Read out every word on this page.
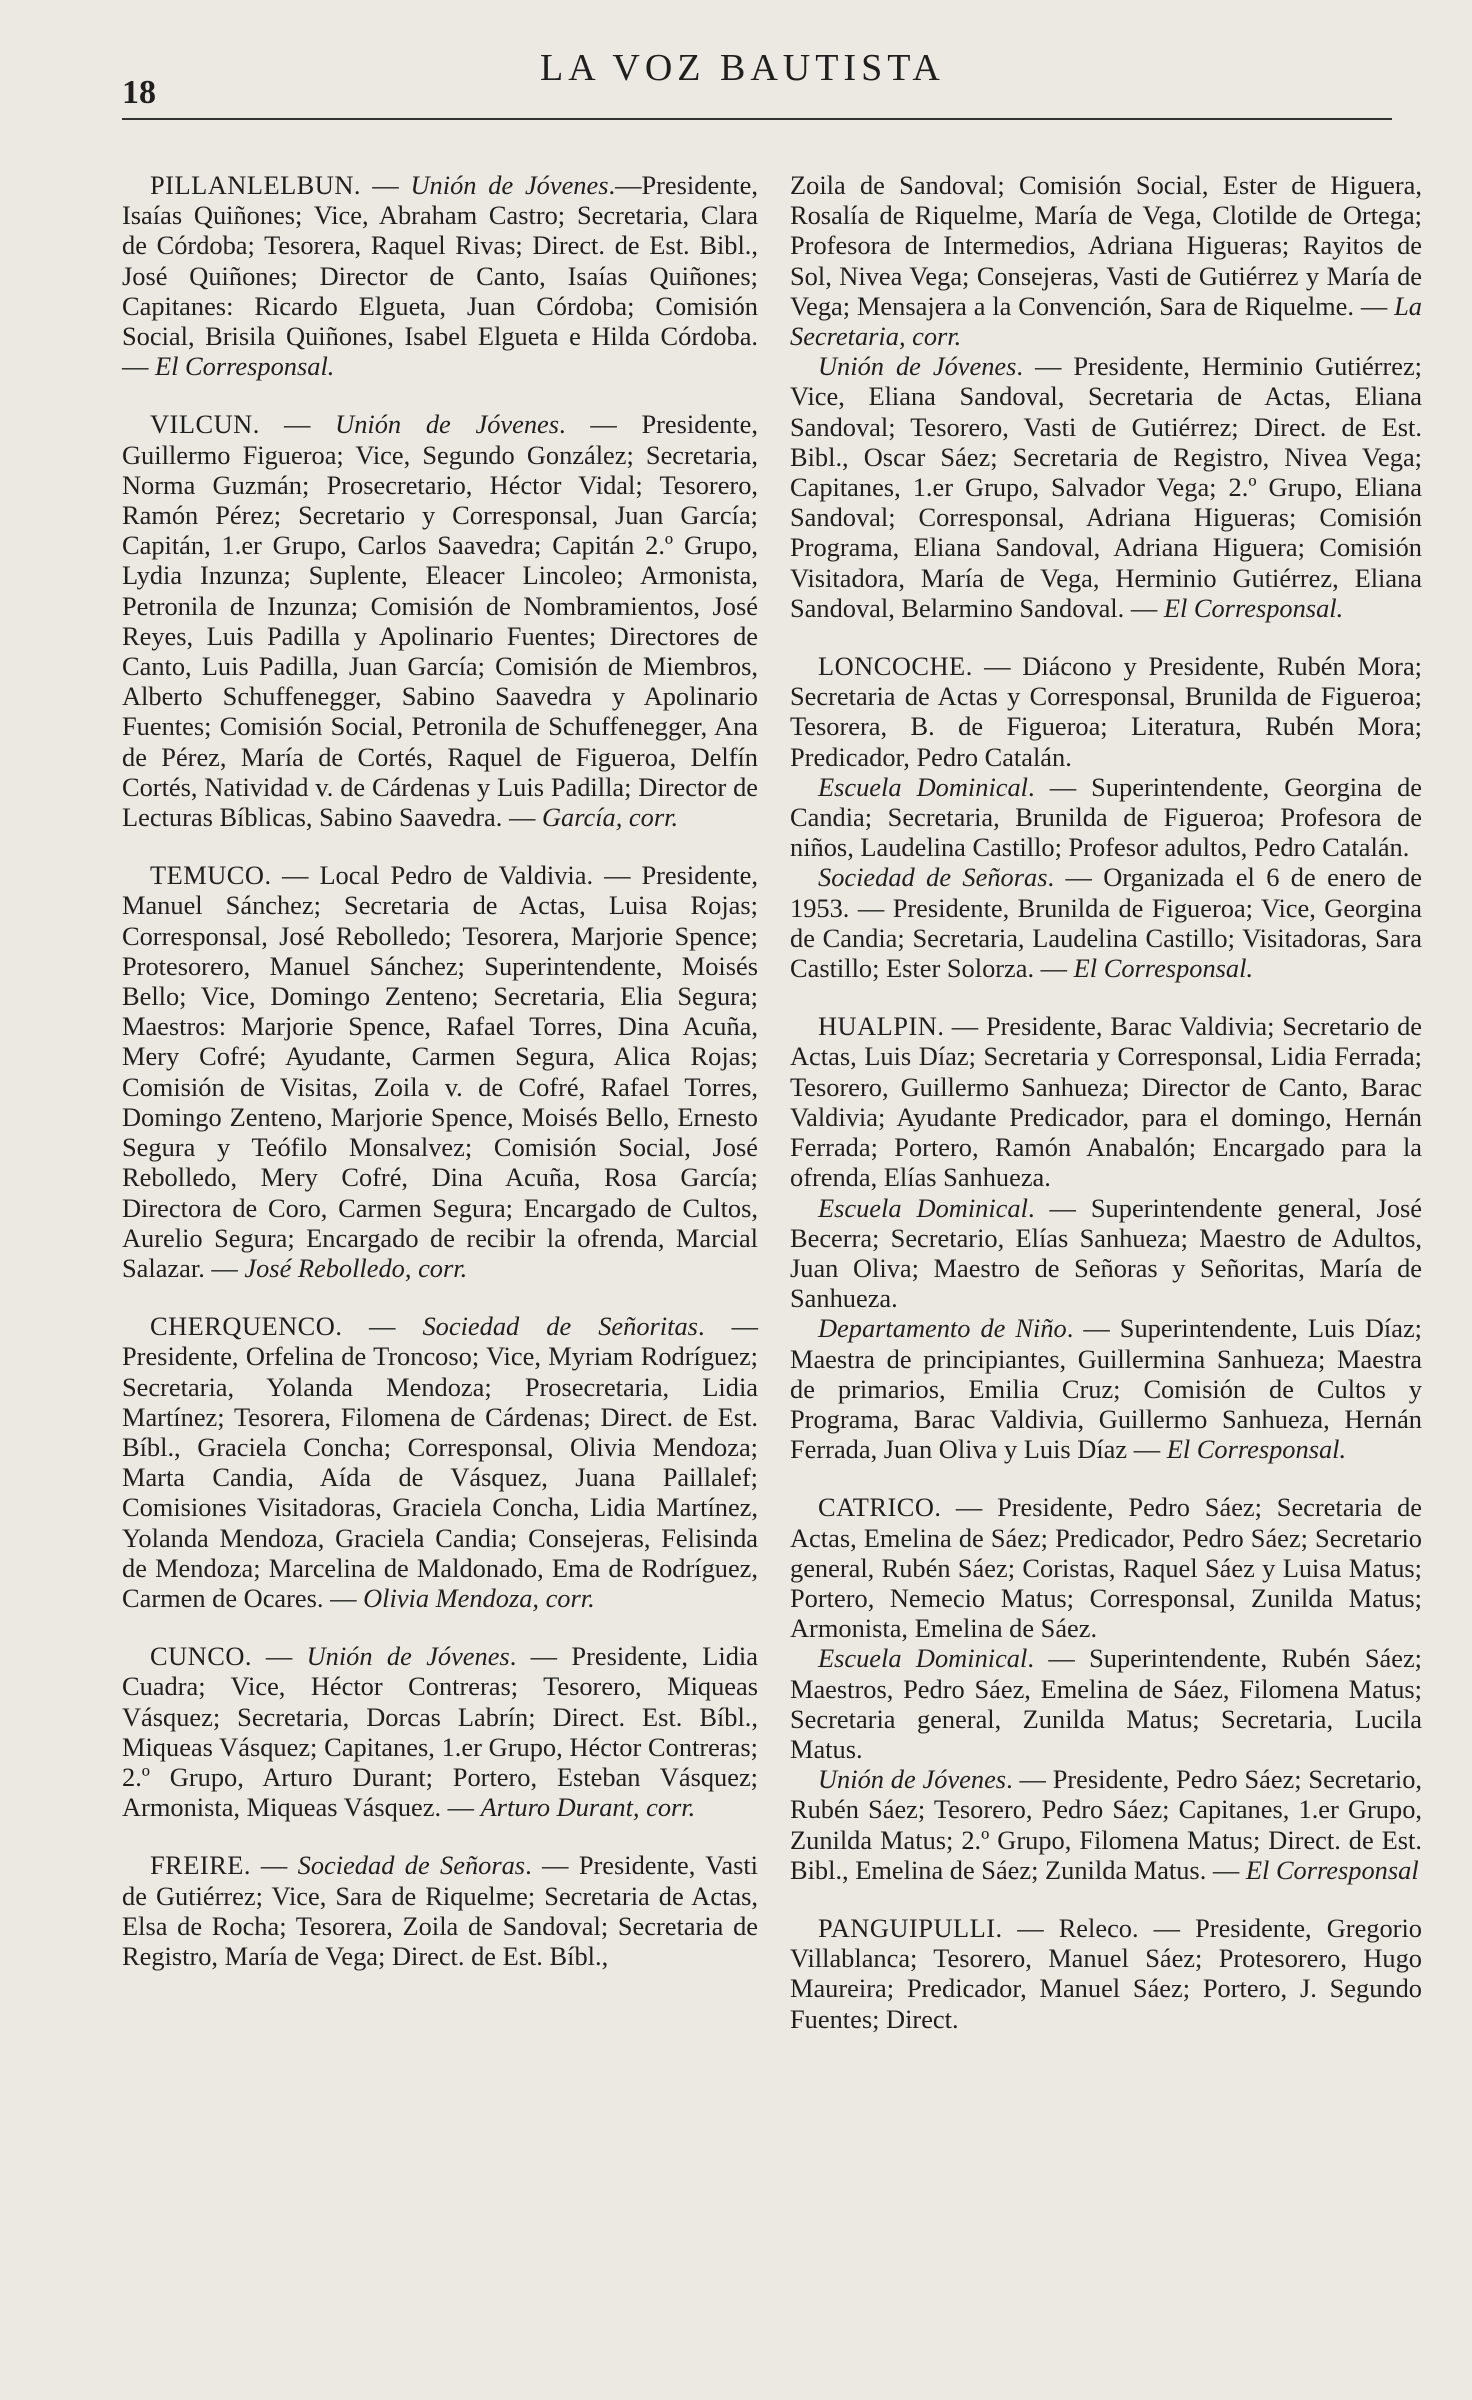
18
LA VOZ BAUTISTA

PILLANLELBUN. — Unión de Jóvenes.—Presidente, Isaías Quiñones; Vice, Abraham Castro; Secretaria, Clara de Córdoba; Tesorera, Raquel Rivas; Direct. de Est. Bibl., José Quiñones; Director de Canto, Isaías Quiñones; Capitanes: Ricardo Elgueta, Juan Córdoba; Comisión Social, Brisila Quiñones, Isabel Elgueta e Hilda Córdoba. — El Corresponsal.

VILCUN. — Unión de Jóvenes. — Presidente, Guillermo Figueroa; Vice, Segundo González; Secretaria, Norma Guzmán; Prosecretario, Héctor Vidal; Tesorero, Ramón Pérez; Secretario y Corresponsal, Juan García; Capitán, 1.er Grupo, Carlos Saavedra; Capitán 2.º Grupo, Lydia Inzunza; Suplente, Eleacer Lincoleo; Armonista, Petronila de Inzunza; Comisión de Nombramientos, José Reyes, Luis Padilla y Apolinario Fuentes; Directores de Canto, Luis Padilla, Juan García; Comisión de Miembros, Alberto Schuffenegger, Sabino Saavedra y Apolinario Fuentes; Comisión Social, Petronila de Schuffenegger, Ana de Pérez, María de Cortés, Raquel de Figueroa, Delfín Cortés, Natividad v. de Cárdenas y Luis Padilla; Director de Lecturas Bíblicas, Sabino Saavedra. — García, corr.

TEMUCO. — Local Pedro de Valdivia. — Presidente, Manuel Sánchez; Secretaria de Actas, Luisa Rojas; Corresponsal, José Rebolledo; Tesorera, Marjorie Spence; Protesorero, Manuel Sánchez; Superintendente, Moisés Bello; Vice, Domingo Zenteno; Secretaria, Elia Segura; Maestros: Marjorie Spence, Rafael Torres, Dina Acuña, Mery Cofré; Ayudante, Carmen Segura, Alica Rojas; Comisión de Visitas, Zoila v. de Cofré, Rafael Torres, Domingo Zenteno, Marjorie Spence, Moisés Bello, Ernesto Segura y Teófilo Monsalvez; Comisión Social, José Rebolledo, Mery Cofré, Dina Acuña, Rosa García; Directora de Coro, Carmen Segura; Encargado de Cultos, Aurelio Segura; Encargado de recibir la ofrenda, Marcial Salazar. — José Rebolledo, corr.

CHERQUENCO. — Sociedad de Señoritas. — Presidente, Orfelina de Troncoso; Vice, Myriam Rodríguez; Secretaria, Yolanda Mendoza; Prosecretaria, Lidia Martínez; Tesorera, Filomena de Cárdenas; Direct. de Est. Bíbl., Graciela Concha; Corresponsal, Olivia Mendoza; Marta Candia, Aída de Vásquez, Juana Paillalef; Comisiones Visitadoras, Graciela Concha, Lidia Martínez, Yolanda Mendoza, Graciela Candia; Consejeras, Felisinda de Mendoza; Marcelina de Maldonado, Ema de Rodríguez, Carmen de Ocares. — Olivia Mendoza, corr.

CUNCO. — Unión de Jóvenes. — Presidente, Lidia Cuadra; Vice, Héctor Contreras; Tesorero, Miqueas Vásquez; Secretaria, Dorcas Labrín; Direct. Est. Bíbl., Miqueas Vásquez; Capitanes, 1.er Grupo, Héctor Contreras; 2.º Grupo, Arturo Durant; Portero, Esteban Vásquez; Armonista, Miqueas Vásquez. — Arturo Durant, corr.

FREIRE. — Sociedad de Señoras. — Presidente, Vasti de Gutiérrez; Vice, Sara de Riquelme; Secretaria de Actas, Elsa de Rocha; Tesorera, Zoila de Sandoval; Secretaria de Registro, María de Vega; Direct. de Est. Bíbl.,

Zoila de Sandoval; Comisión Social, Ester de Higuera, Rosalía de Riquelme, María de Vega, Clotilde de Ortega; Profesora de Intermedios, Adriana Higueras; Rayitos de Sol, Nivea Vega; Consejeras, Vasti de Gutiérrez y María de Vega; Mensajera a la Convención, Sara de Riquelme. — La Secretaria, corr.

Unión de Jóvenes. — Presidente, Herminio Gutiérrez; Vice, Eliana Sandoval, Secretaria de Actas, Eliana Sandoval; Tesorero, Vasti de Gutiérrez; Direct. de Est. Bibl., Oscar Sáez; Secretaria de Registro, Nivea Vega; Capitanes, 1.er Grupo, Salvador Vega; 2.º Grupo, Eliana Sandoval; Corresponsal, Adriana Higueras; Comisión Programa, Eliana Sandoval, Adriana Higuera; Comisión Visitadora, María de Vega, Herminio Gutiérrez, Eliana Sandoval, Belarmino Sandoval. — El Corresponsal.

LONCOCHE. — Diácono y Presidente, Rubén Mora; Secretaria de Actas y Corresponsal, Brunilda de Figueroa; Tesorera, B. de Figueroa; Literatura, Rubén Mora; Predicador, Pedro Catalán.

Escuela Dominical. — Superintendente, Georgina de Candia; Secretaria, Brunilda de Figueroa; Profesora de niños, Laudelina Castillo; Profesor adultos, Pedro Catalán.

Sociedad de Señoras. — Organizada el 6 de enero de 1953. — Presidente, Brunilda de Figueroa; Vice, Georgina de Candia; Secretaria, Laudelina Castillo; Visitadoras, Sara Castillo; Ester Solorza. — El Corresponsal.

HUALPIN. — Presidente, Barac Valdivia; Secretario de Actas, Luis Díaz; Secretaria y Corresponsal, Lidia Ferrada; Tesorero, Guillermo Sanhueza; Director de Canto, Barac Valdivia; Ayudante Predicador, para el domingo, Hernán Ferrada; Portero, Ramón Anabalón; Encargado para la ofrenda, Elías Sanhueza.

Escuela Dominical. — Superintendente general, José Becerra; Secretario, Elías Sanhueza; Maestro de Adultos, Juan Oliva; Maestro de Señoras y Señoritas, María de Sanhueza.

Departamento de Niño. — Superintendente, Luis Díaz; Maestra de principiantes, Guillermina Sanhueza; Maestra de primarios, Emilia Cruz; Comisión de Cultos y Programa, Barac Valdivia, Guillermo Sanhueza, Hernán Ferrada, Juan Oliva y Luis Díaz — El Corresponsal.

CATRICO. — Presidente, Pedro Sáez; Secretaria de Actas, Emelina de Sáez; Predicador, Pedro Sáez; Secretario general, Rubén Sáez; Coristas, Raquel Sáez y Luisa Matus; Portero, Nemecio Matus; Corresponsal, Zunilda Matus; Armonista, Emelina de Sáez.

Escuela Dominical. — Superintendente, Rubén Sáez; Maestros, Pedro Sáez, Emelina de Sáez, Filomena Matus; Secretaria general, Zunilda Matus; Secretaria, Lucila Matus.

Unión de Jóvenes. — Presidente, Pedro Sáez; Secretario, Rubén Sáez; Tesorero, Pedro Sáez; Capitanes, 1.er Grupo, Zunilda Matus; 2.º Grupo, Filomena Matus; Direct. de Est. Bibl., Emelina de Sáez; Zunilda Matus. — El Corresponsal

PANGUIPULLI. — Releco. — Presidente, Gregorio Villablanca; Tesorero, Manuel Sáez; Protesorero, Hugo Maureira; Predicador, Manuel Sáez; Portero, J. Segundo Fuentes; Direct.
